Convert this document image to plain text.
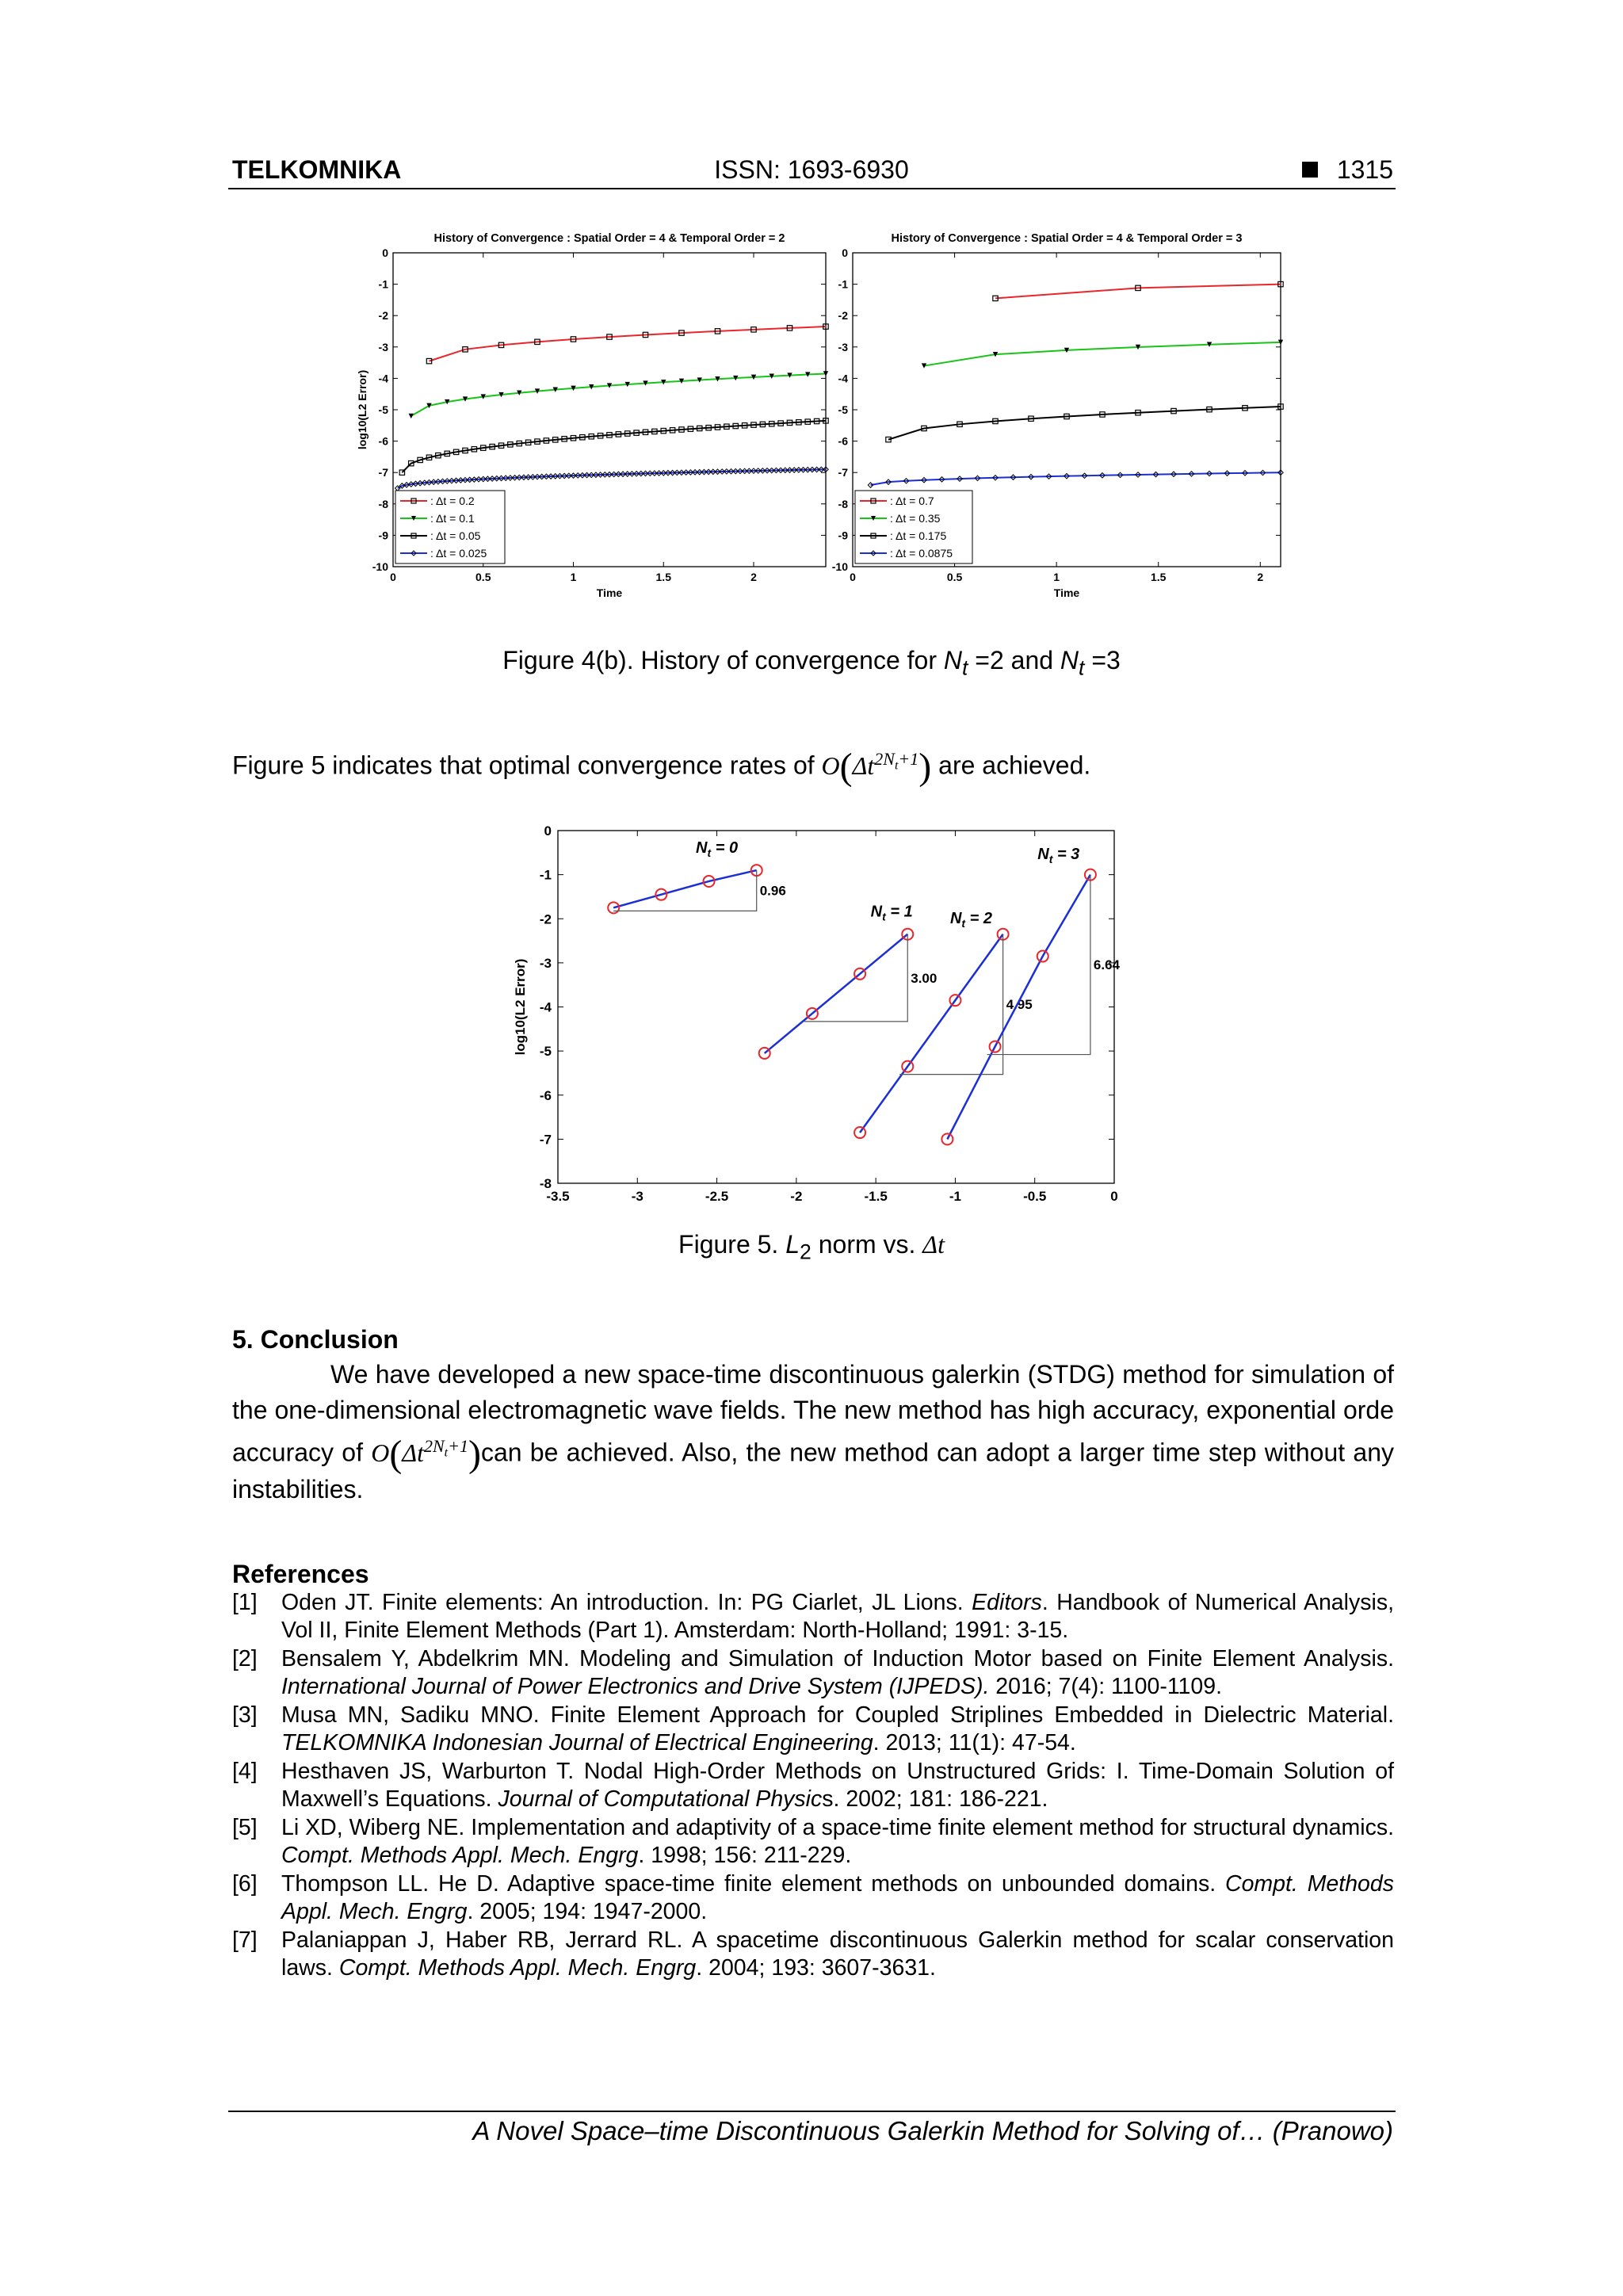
TELKOMNIKA	ISSN: 1693-6930	1315
History of Convergence : Spatial Order = 4 & Temporal Order = 2
0
-1
-2
-3
-4
-5
-6
-7
-8
-9
-10
0	0.5	1	1.5	2
Time
log10(L2 Error)
: Δt = 0.2
: Δt = 0.1
: Δt = 0.05
: Δt = 0.025
History of Convergence : Spatial Order = 4 & Temporal Order = 3
0
-1
-2
-3
-4
-5
-6
-7
-8
-9
-10
0	0.5	1	1.5	2
Time
: Δt = 0.7
: Δt = 0.35
: Δt = 0.175
: Δt = 0.0875
Figure 4(b). History of convergence for $N_t =2$ and $N_t =3$
Figure 5 indicates that optimal convergence rates of $O(\Delta t^{2N_t+1})$ are achieved.
0
-1
-2
-3
-4
-5
-6
-7
-8
-3.5	-3	-2.5	-2	-1.5	-1	-0.5	0
log10(L2 Error)
0.96
$N_t = 0$
3.00
$N_t = 1$
4.95
$N_t = 2$
6.64
$N_t = 3$
Figure 5. $L_2$ norm vs. Δt
5. Conclusion
We have developed a new space-time discontinuous galerkin (STDG) method for simulation of the one-dimensional electromagnetic wave fields. The new method has high accuracy, exponential orde accuracy of $O(\Delta t^{2N_t+1})can$ be achieved. Also, the new method can adopt a larger time step without any instabilities.
References
[1]	Oden JT. Finite elements: An introduction. In: PG Ciarlet, JL Lions. Editors. Handbook of Numerical Analysis, Vol II, Finite Element Methods (Part 1). Amsterdam: North-Holland; 1991: 3-15.
[2]	Bensalem Y, Abdelkrim MN. Modeling and Simulation of Induction Motor based on Finite Element Analysis. International Journal of Power Electronics and Drive System (IJPEDS). 2016; 7(4): 1100-1109.
[3]	Musa MN, Sadiku MNO. Finite Element Approach for Coupled Striplines Embedded in Dielectric Material. TELKOMNIKA Indonesian Journal of Electrical Engineering. 2013; 11(1): 47-54.
[4]	Hesthaven JS, Warburton T. Nodal High-Order Methods on Unstructured Grids: I. Time-Domain Solution of Maxwell’s Equations. Journal of Computational Physics. 2002; 181: 186-221.
[5]	Li XD, Wiberg NE. Implementation and adaptivity of a space-time finite element method for structural dynamics. Compt. Methods Appl. Mech. Engrg. 1998; 156: 211-229.
[6]	Thompson LL. He D. Adaptive space-time finite element methods on unbounded domains. Compt. Methods Appl. Mech. Engrg. 2005; 194: 1947-2000.
[7]	Palaniappan J, Haber RB, Jerrard RL. A spacetime discontinuous Galerkin method for scalar conservation laws. Compt. Methods Appl. Mech. Engrg. 2004; 193: 3607-3631.
A Novel Space–time Discontinuous Galerkin Method for Solving of… (Pranowo)
